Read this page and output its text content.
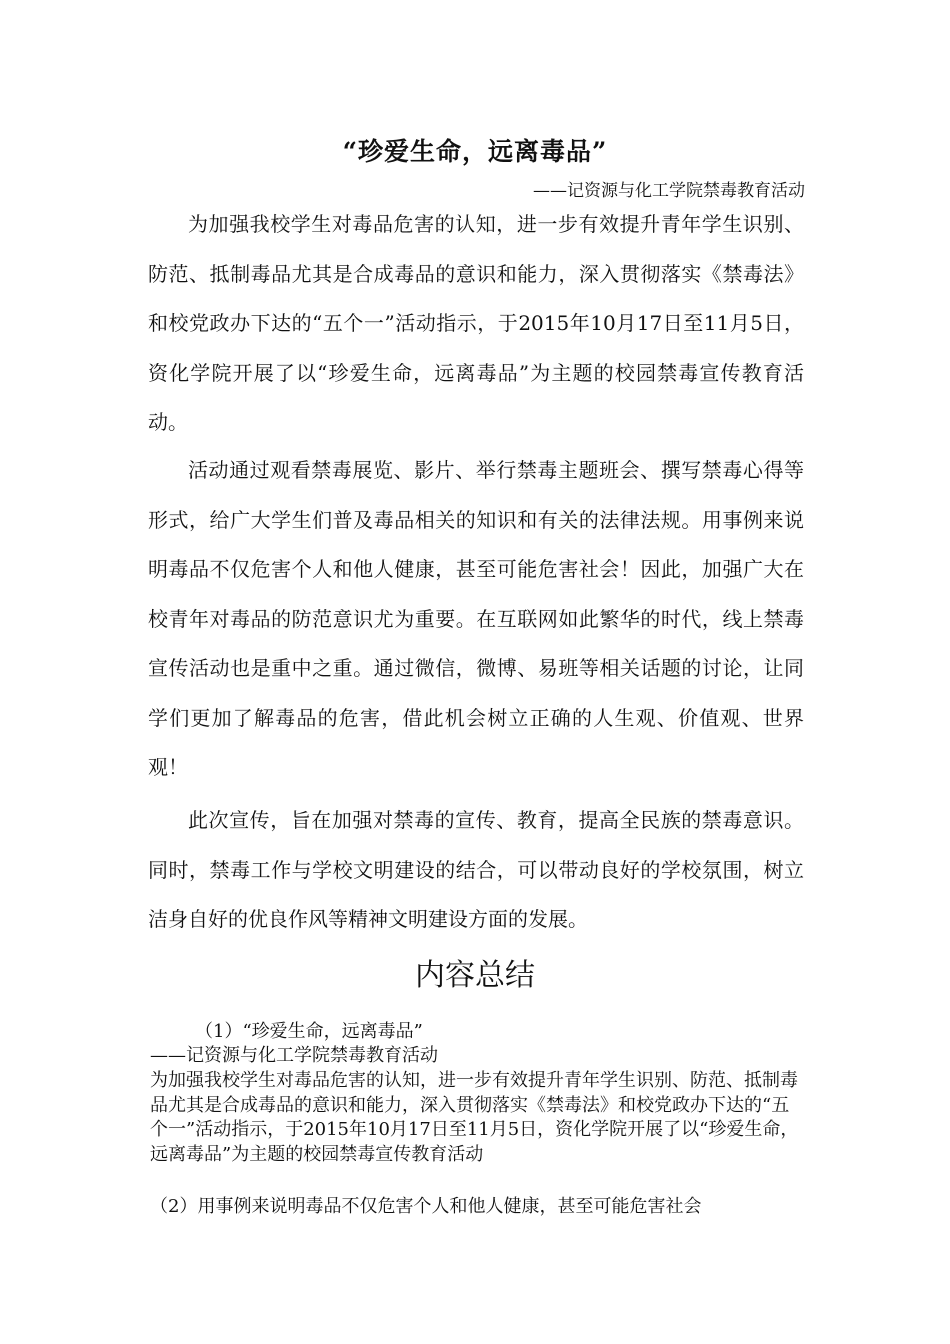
“珍爱生命，远离毒品”
——记资源与化工学院禁毒教育活动

为加强我校学生对毒品危害的认知，进一步有效提升青年学生识别、防范、抵制毒品尤其是合成毒品的意识和能力，深入贯彻落实《禁毒法》和校党政办下达的“五个一”活动指示，于2015年10月17日至11月5日，资化学院开展了以“珍爱生命，远离毒品”为主题的校园禁毒宣传教育活动。

活动通过观看禁毒展览、影片、举行禁毒主题班会、撰写禁毒心得等形式，给广大学生们普及毒品相关的知识和有关的法律法规。用事例来说明毒品不仅危害个人和他人健康，甚至可能危害社会！因此，加强广大在校青年对毒品的防范意识尤为重要。在互联网如此繁华的时代，线上禁毒宣传活动也是重中之重。通过微信，微博、易班等相关话题的讨论，让同学们更加了解毒品的危害，借此机会树立正确的人生观、价值观、世界观！

此次宣传，旨在加强对禁毒的宣传、教育，提高全民族的禁毒意识。同时，禁毒工作与学校文明建设的结合，可以带动良好的学校氛围，树立洁身自好的优良作风等精神文明建设方面的发展。

内容总结

（1）“珍爱生命，远离毒品”

——记资源与化工学院禁毒教育活动

为加强我校学生对毒品危害的认知，进一步有效提升青年学生识别、防范、抵制毒品尤其是合成毒品的意识和能力，深入贯彻落实《禁毒法》和校党政办下达的“五个一”活动指示，于2015年10月17日至11月5日，资化学院开展了以“珍爱生命，远离毒品”为主题的校园禁毒宣传教育活动

（2）用事例来说明毒品不仅危害个人和他人健康，甚至可能危害社会
